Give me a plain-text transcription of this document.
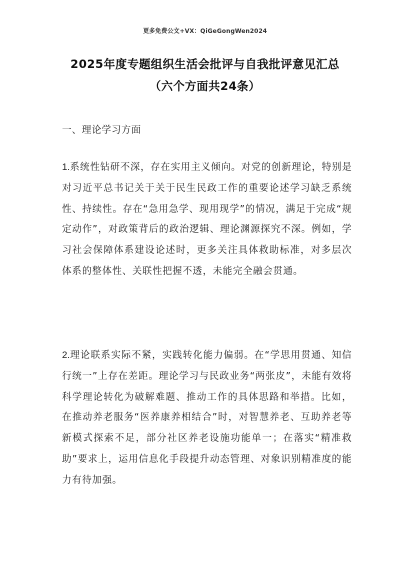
更多免费公文+VX：QiGeGongWen2024
2025年度专题组织生活会批评与自我批评意见汇总
（六个方面共24条）
一、理论学习方面

1.系统性钻研不深，存在实用主义倾向。对党的创新理论，特别是对习近平总书记关于关于民生民政工作的重要论述学习缺乏系统性、持续性。存在“急用急学、现用现学”的情况，满足于完成“规定动作”，对政策背后的政治逻辑、理论渊源探究不深。例如，学习社会保障体系建设论述时，更多关注具体救助标准，对多层次体系的整体性、关联性把握不透，未能完全融会贯通。

2.理论联系实际不紧，实践转化能力偏弱。在“学思用贯通、知信行统一”上存在差距。理论学习与民政业务“两张皮”，未能有效将科学理论转化为破解难题、推动工作的具体思路和举措。比如，在推动养老服务“医养康养相结合”时，对智慧养老、互助养老等新模式探索不足，部分社区养老设施功能单一；在落实“精准救助”要求上，运用信息化手段提升动态管理、对象识别精准度的能力有待加强。
